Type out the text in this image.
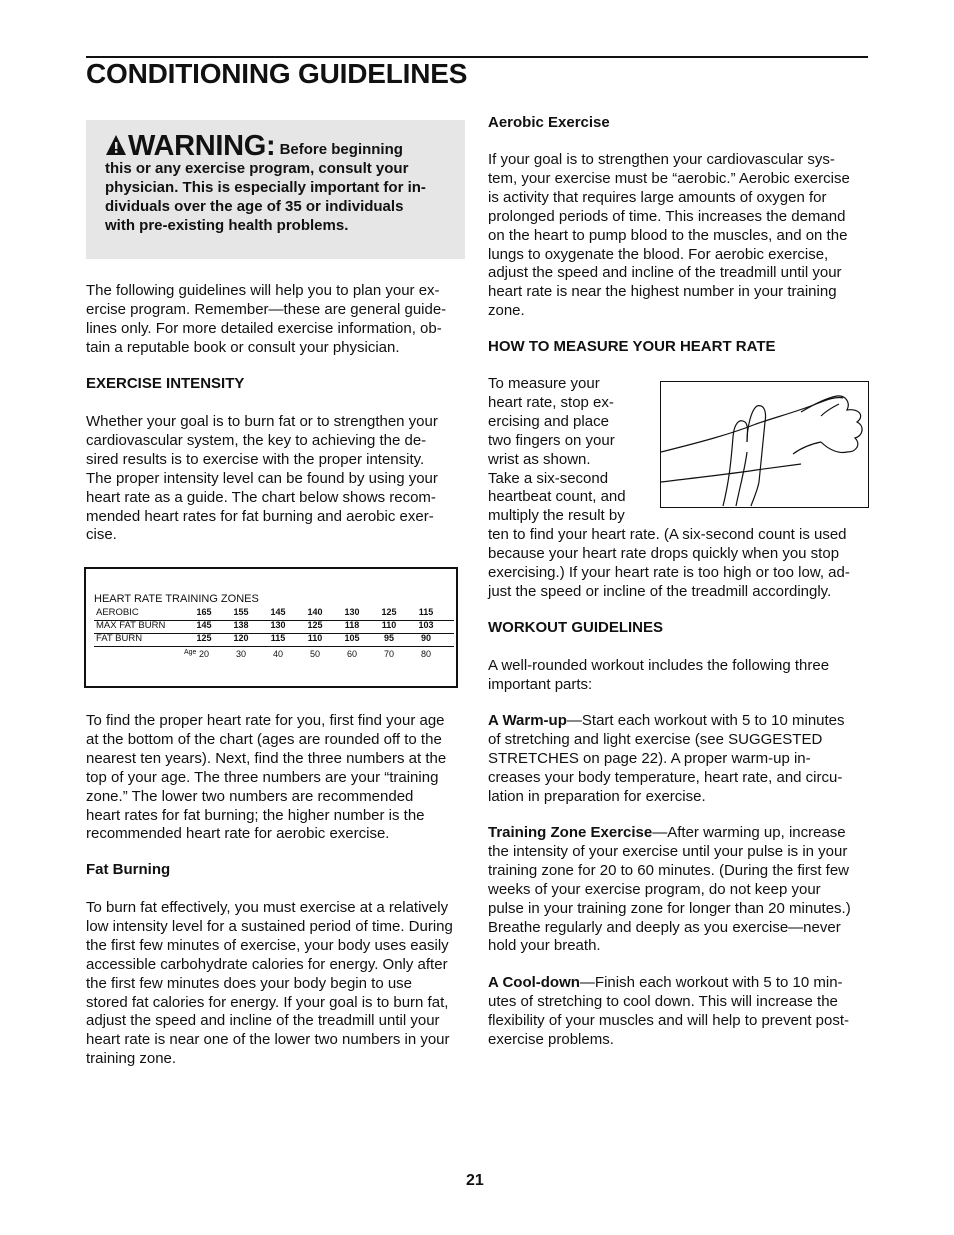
CONDITIONING GUIDELINES
WARNING: Before beginning
this or any exercise program, consult your
physician. This is especially important for in-
dividuals over the age of 35 or individuals
with pre-existing health problems.

The following guidelines will help you to plan your ex-

ercise program. Remember—these are general guide-

lines only. For more detailed exercise information, ob-

tain a reputable book or consult your physician.

EXERCISE INTENSITY

Whether your goal is to burn fat or to strengthen your

cardiovascular system, the key to achieving the de-

sired results is to exercise with the proper intensity.

The proper intensity level can be found by using your

heart rate as a guide. The chart below shows recom-

mended heart rates for fat burning and aerobic exer-

cise.

HEART RATE TRAINING ZONES
AEROBIC	165	155	145	140	130	125	115
MAX FAT BURN	145	138	130	125	118	110	103
FAT BURN	125	120	115	110	105	95	90
Age 20	30	40	50	60	70	80

To find the proper heart rate for you, first find your age

at the bottom of the chart (ages are rounded off to the

nearest ten years). Next, find the three numbers at the

top of your age. The three numbers are your “training

zone.” The lower two numbers are recommended

heart rates for fat burning; the higher number is the

recommended heart rate for aerobic exercise.

Fat Burning

To burn fat effectively, you must exercise at a relatively

low intensity level for a sustained period of time. During

the first few minutes of exercise, your body uses easily

accessible carbohydrate calories for energy. Only after

the first few minutes does your body begin to use

stored fat calories for energy. If your goal is to burn fat,

adjust the speed and incline of the treadmill until your

heart rate is near one of the lower two numbers in your

training zone.

Aerobic Exercise

If your goal is to strengthen your cardiovascular sys-

tem, your exercise must be “aerobic.” Aerobic exercise

is activity that requires large amounts of oxygen for

prolonged periods of time. This increases the demand

on the heart to pump blood to the muscles, and on the

lungs to oxygenate the blood. For aerobic exercise,

adjust the speed and incline of the treadmill until your

heart rate is near the highest number in your training

zone.

HOW TO MEASURE YOUR HEART RATE

To measure your

heart rate, stop ex-

ercising and place

two fingers on your

wrist as shown.

Take a six-second

heartbeat count, and

multiply the result by

ten to find your heart rate. (A six-second count is used

because your heart rate drops quickly when you stop

exercising.) If your heart rate is too high or too low, ad-

just the speed or incline of the treadmill accordingly.

WORKOUT GUIDELINES

A well-rounded workout includes the following three

important parts:

A Warm-up—Start each workout with 5 to 10 minutes

of stretching and light exercise (see SUGGESTED

STRETCHES on page 22). A proper warm-up in-

creases your body temperature, heart rate, and circu-

lation in preparation for exercise.

Training Zone Exercise—After warming up, increase

the intensity of your exercise until your pulse is in your

training zone for 20 to 60 minutes. (During the first few

weeks of your exercise program, do not keep your

pulse in your training zone for longer than 20 minutes.)

Breathe regularly and deeply as you exercise—never

hold your breath.

A Cool-down—Finish each workout with 5 to 10 min-

utes of stretching to cool down. This will increase the

flexibility of your muscles and will help to prevent post-

exercise problems.

21
